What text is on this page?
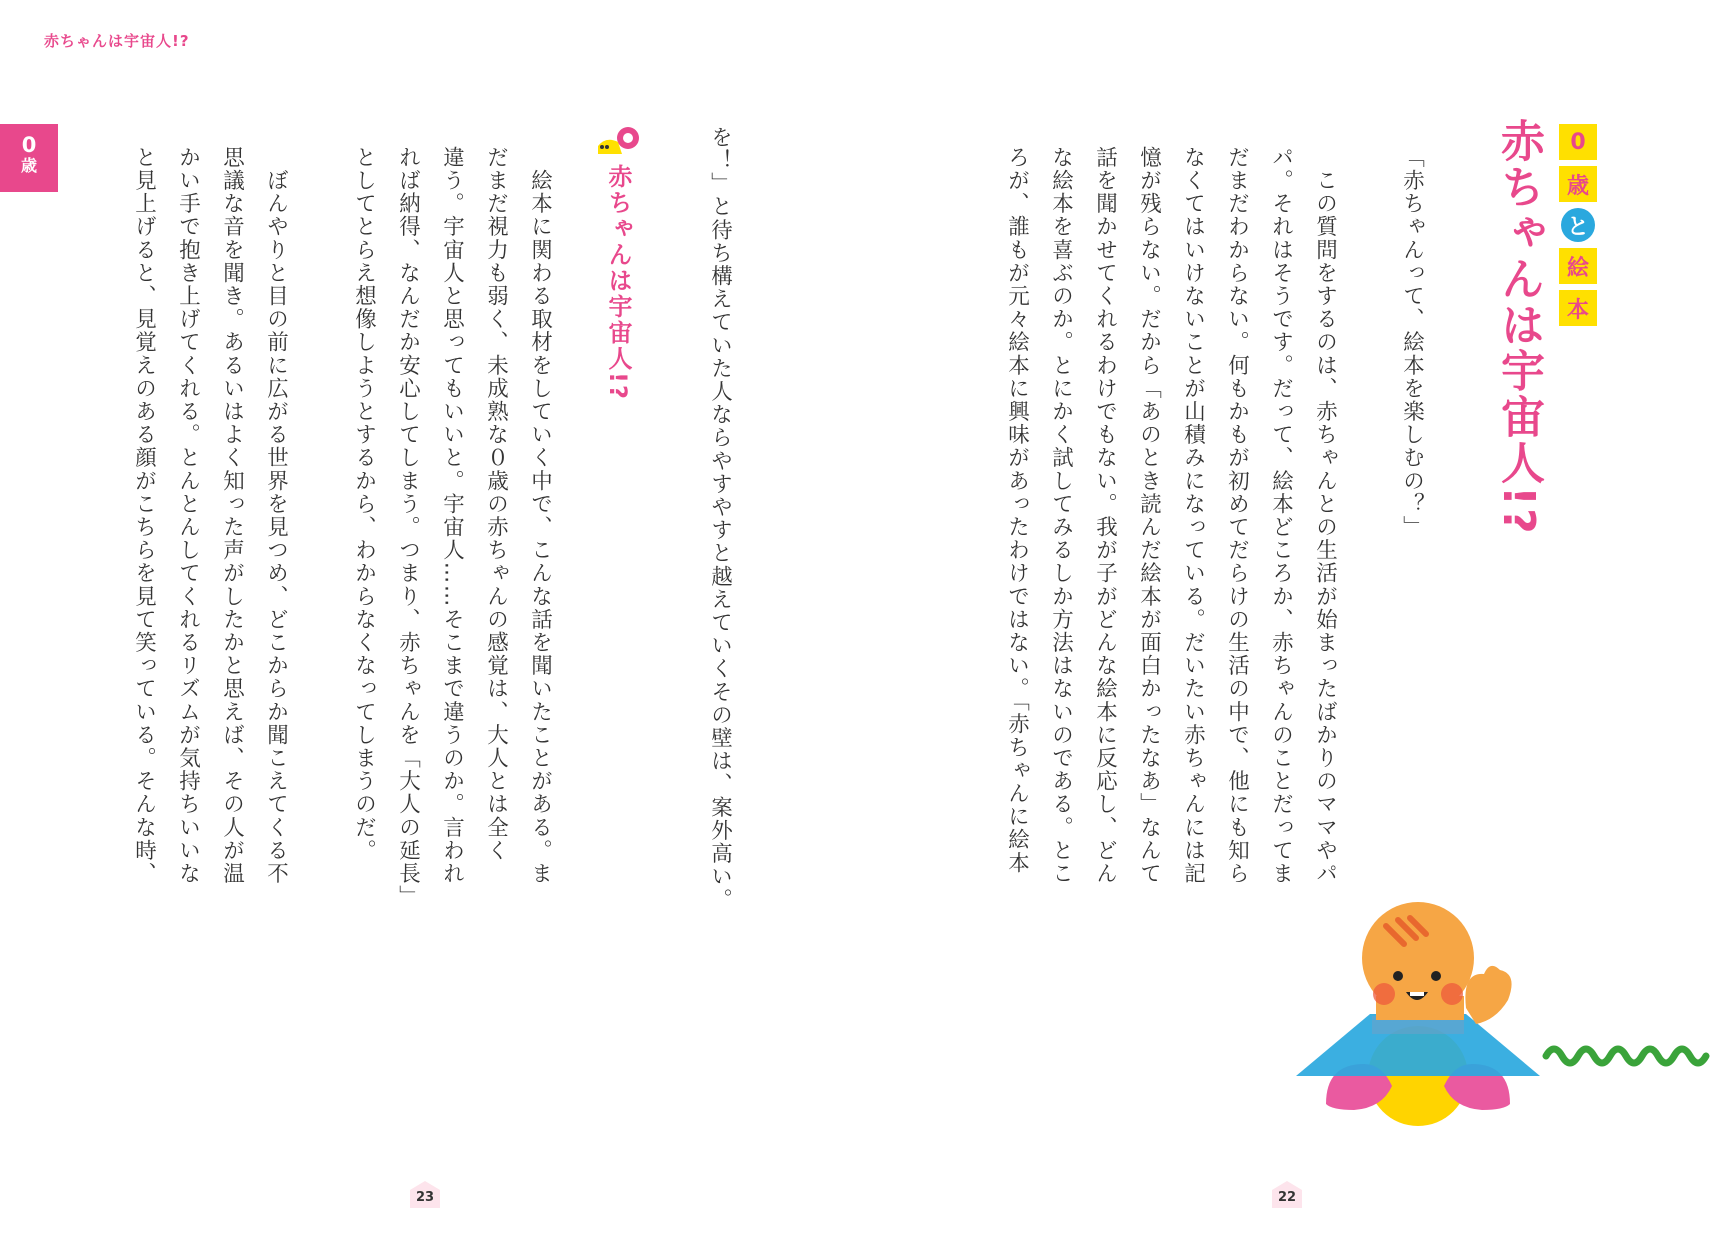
赤ちゃんは宇宙人!?
0
歳
0
歳
と
絵
本
赤ちゃんは宇宙人!?
「赤ちゃんって、絵本を楽しむの？」
　この質問をするのは、赤ちゃんとの生活が始まったばかりのママやパ
パ。それはそうです。だって、絵本どころか、赤ちゃんのことだってま
だまだわからない。何もかもが初めてだらけの生活の中で、他にも知ら
なくてはいけないことが山積みになっている。だいたい赤ちゃんには記
憶が残らない。だから「あのとき読んだ絵本が面白かったなあ」なんて
話を聞かせてくれるわけでもない。我が子がどんな絵本に反応し、どん
な絵本を喜ぶのか。とにかく試してみるしか方法はないのである。とこ
ろが、誰もが元々絵本に興味があったわけではない。「赤ちゃんに絵本
を！」と待ち構えていた人ならやすやすと越えていくその壁は、案外高い。
赤ちゃんは宇宙人!?
　絵本に関わる取材をしていく中で、こんな話を聞いたことがある。ま
だまだ視力も弱く、未成熟な０歳の赤ちゃんの感覚は、大人とは全く
違う。宇宙人と思ってもいいと。宇宙人……そこまで違うのか。言われ
れば納得、なんだか安心してしまう。つまり、赤ちゃんを「大人の延長」
としてとらえ想像しようとするから、わからなくなってしまうのだ。
　ぼんやりと目の前に広がる世界を見つめ、どこからか聞こえてくる不
思議な音を聞き。あるいはよく知った声がしたかと思えば、その人が温
かい手で抱き上げてくれる。とんとんしてくれるリズムが気持ちいいな
と見上げると、見覚えのある顔がこちらを見て笑っている。そんな時、
23	22
